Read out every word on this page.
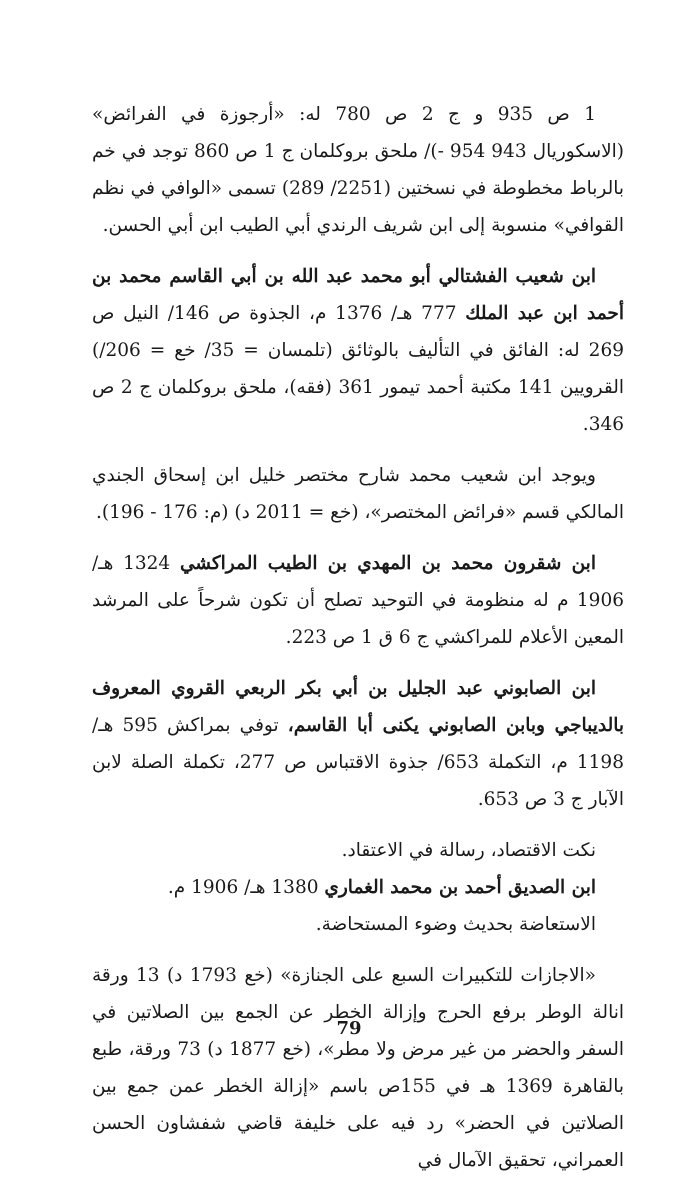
1 ص 935 و ج 2 ص 780 له: «أرجوزة في الفرائض» (الاسكوريال 943 954 -)/ ملحق بروكلمان ج 1 ص 860 توجد في خم بالرباط مخطوطة في نسختين (2251/ 289) تسمى «الوافي في نظم القوافي» منسوبة إلى ابن شريف الرندي أبي الطيب ابن أبي الحسن.

ابن شعيب الفشتالي أبو محمد عبد الله بن أبي القاسم محمد بن أحمد ابن عبد الملك 777 هـ/ 1376 م، الجذوة ص 146/ النيل ص 269 له: الفائق في التأليف بالوثائق (تلمسان = 35/ خع = 206/) القرويين 141 مكتبة أحمد تيمور 361 (فقه)، ملحق بروكلمان ج 2 ص 346.

ويوجد ابن شعيب محمد شارح مختصر خليل ابن إسحاق الجندي المالكي قسم «فرائض المختصر»، (خع = 2011 د) (م: 176 - 196).

ابن شقرون محمد بن المهدي بن الطيب المراكشي 1324 هـ/ 1906 م له منظومة في التوحيد تصلح أن تكون شرحاً على المرشد المعين الأعلام للمراكشي ج 6 ق 1 ص 223.

ابن الصابوني عبد الجليل بن أبي بكر الربعي القروي المعروف بالديباجي وبابن الصابوني يكنى أبا القاسم، توفي بمراكش 595 هـ/ 1198 م، التكملة 653/ جذوة الاقتباس ص 277، تكملة الصلة لابن الآبار ج 3 ص 653.

نكت الاقتصاد، رسالة في الاعتقاد.

ابن الصديق أحمد بن محمد الغماري 1380 هـ/ 1906 م.

الاستعاضة بحديث وضوء المستحاضة.

«الاجازات للتكبيرات السبع على الجنازة» (خع 1793 د) 13 ورقة انالة الوطر برفع الحرج وإزالة الخطر عن الجمع بين الصلاتين في السفر والحضر من غير مرض ولا مطر»، (خع 1877 د) 73 ورقة، طبع بالقاهرة 1369 هـ في 155ص باسم «إزالة الخطر عمن جمع بين الصلاتين في الحضر» رد فيه على خليفة قاضي شفشاون الحسن العمراني، تحقيق الآمال في

79
